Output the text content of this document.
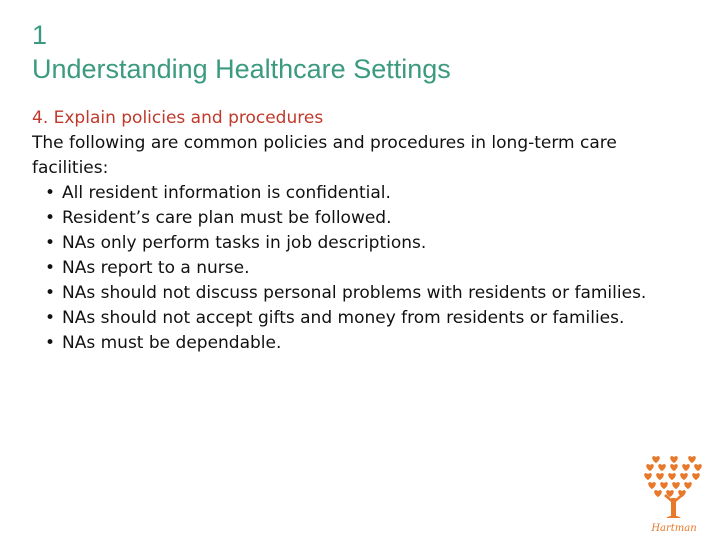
1
Understanding Healthcare Settings
4. Explain policies and procedures

The following are common policies and procedures in long-term care facilities:

• All resident information is confidential.
• Resident’s care plan must be followed.
• NAs only perform tasks in job descriptions.
• NAs report to a nurse.
• NAs should not discuss personal problems with residents or families.
• NAs should not accept gifts and money from residents or families.
• NAs must be dependable.
Hartman
